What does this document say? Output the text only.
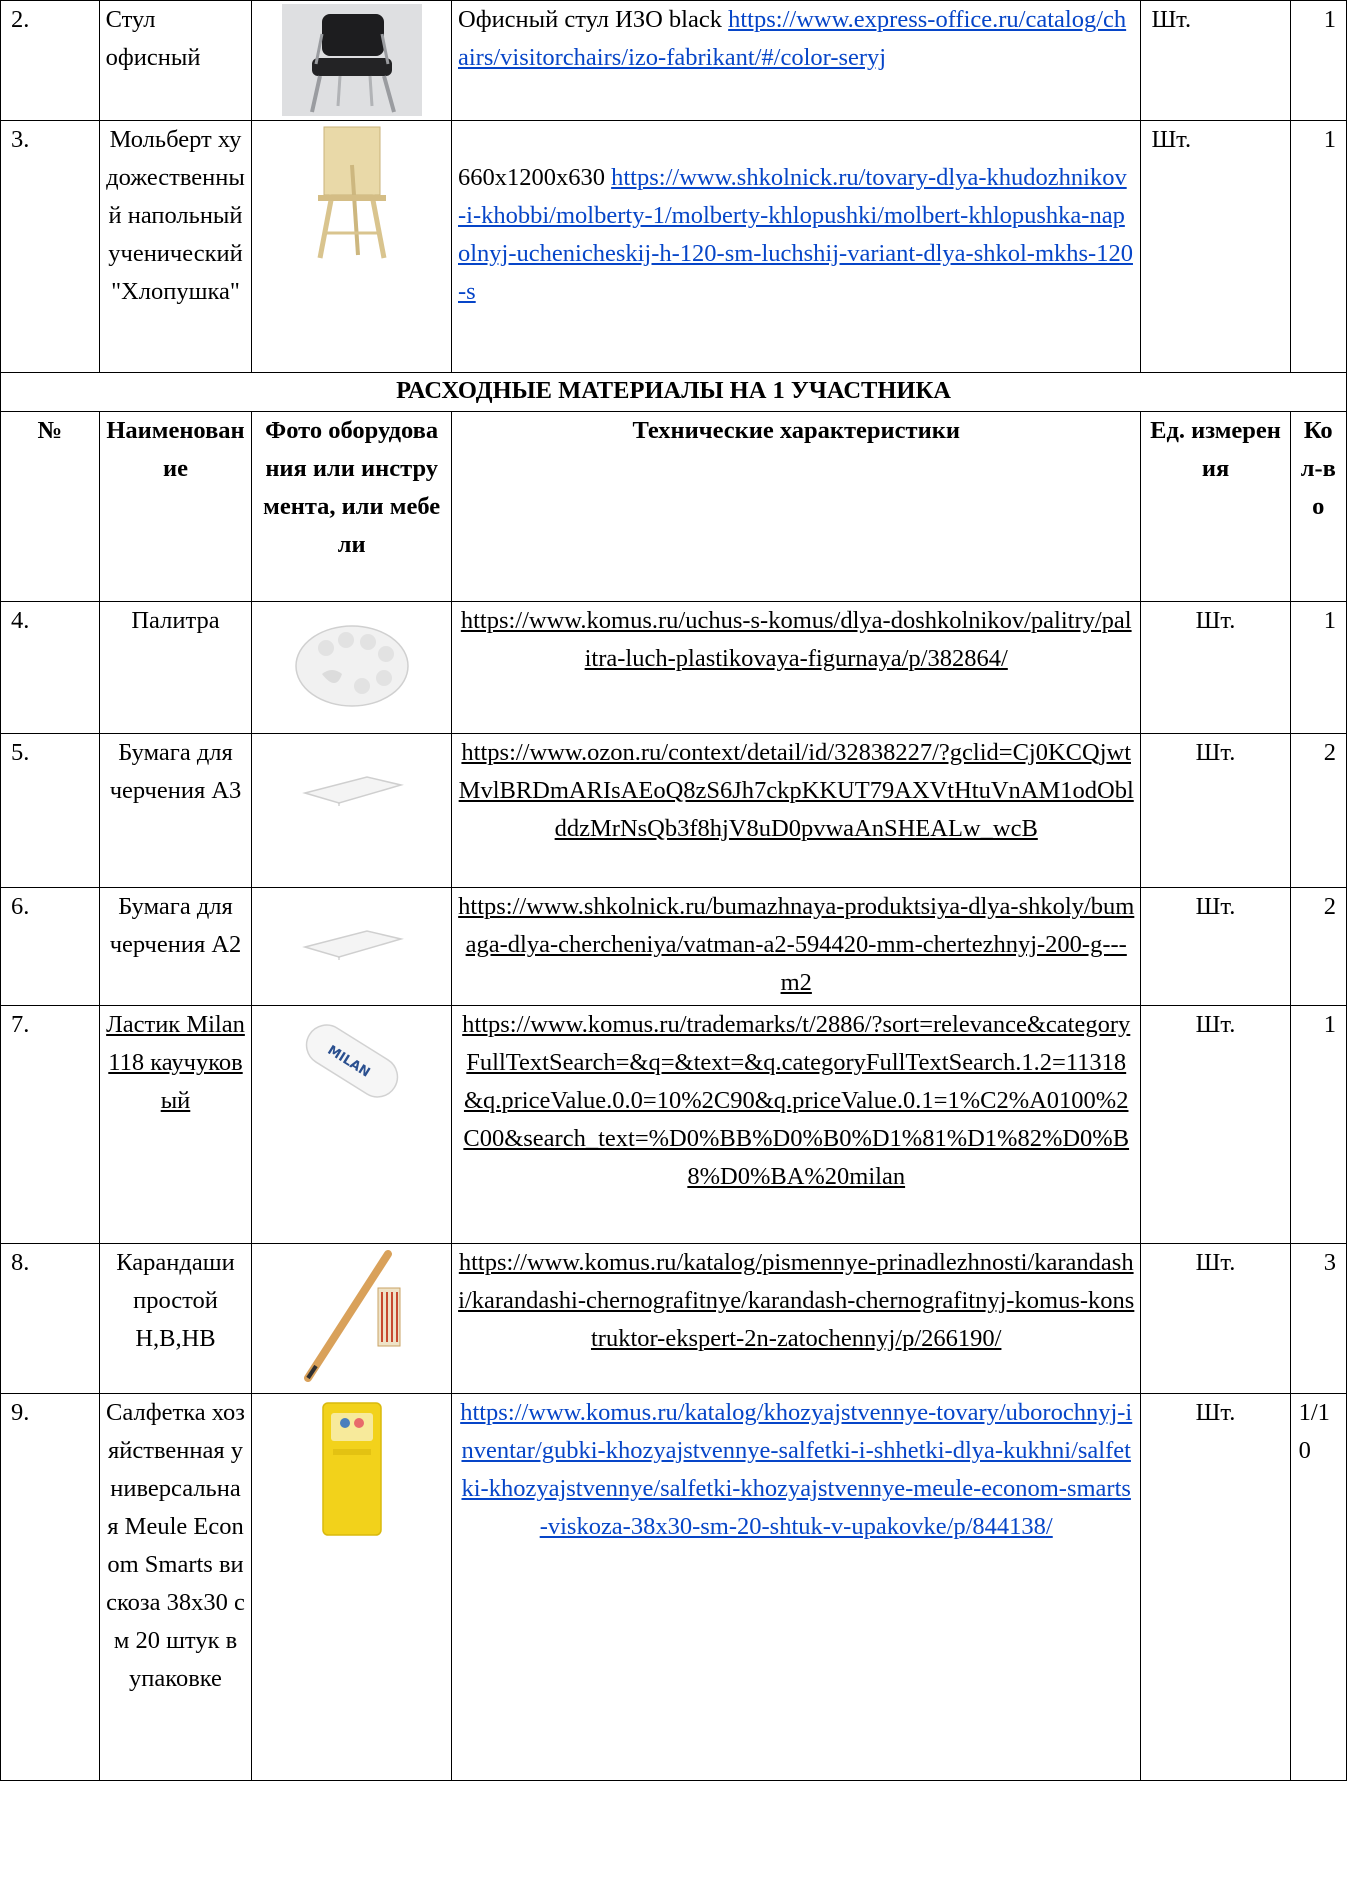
2.	Стул офисный		Офисный стул ИЗО black https://www.express-office.ru/catalog/chairs/visitorchairs/izo-fabrikant/#/color-seryj	Шт.	1
3.	Мольберт художественный напольный ученический "Хлопушка"		660x1200x630 https://www.shkolnick.ru/tovary-dlya-khudozhnikov-i-khobbi/molberty-1/molberty-khlopushki/molbert-khlopushka-napolnyj-uchenicheskij-h-120-sm-luchshij-variant-dlya-shkol-mkhs-120-s	Шт.	1
РАСХОДНЫЕ МАТЕРИАЛЫ НА 1 УЧАСТНИКА					
№	Наименование	Фото оборудования или инструмента, или мебели	Технические характеристики	Ед. измерения	Кол-во
4.	Палитра		https://www.komus.ru/uchus-s-komus/dlya-doshkolnikov/palitry/palitra-luch-plastikovaya-figurnaya/p/382864/	Шт.	1
5.	Бумага для черчения А3		https://www.ozon.ru/context/detail/id/32838227/?gclid=Cj0KCQjwtMvlBRDmARIsAEoQ8zS6Jh7ckpKKUT79AXVtHtuVnAM1odOblddzMrNsQb3f8hjV8uD0pvwaAnSHEALw_wcB	Шт.	2
6.	Бумага для черчения А2		https://www.shkolnick.ru/bumazhnaya-produktsiya-dlya-shkoly/bumaga-dlya-chercheniya/vatman-a2-594420-mm-chertezhnyj-200-g---m2	Шт.	2
7.	Ластик Milan 118 каучуковый	MILAN	https://www.komus.ru/trademarks/t/2886/?sort=relevance&categoryFullTextSearch=&q=&text=&q.categoryFullTextSearch.1.2=11318&q.priceValue.0.0=10%2C90&q.priceValue.0.1=1%C2%A0100%2C00&search_text=%D0%BB%D0%B0%D1%81%D1%82%D0%B8%D0%BA%20milan	Шт.	1
8.	Карандаши простой H,B,HB		https://www.komus.ru/katalog/pismennye-prinadlezhnosti/karandashi/karandashi-chernografitnye/karandash-chernografitnyj-komus-konstruktor-ekspert-2n-zatochennyj/p/266190/	Шт.	3
9.	Салфетка хозяйственная универсальная Meule Econom Smarts вискоза 38x30 см 20 штук в упаковке		https://www.komus.ru/katalog/khozyajstvennye-tovary/uborochnyj-inventar/gubki-khozyajstvennye-salfetki-i-shhetki-dlya-kukhni/salfetki-khozyajstvennye/salfetki-khozyajstvennye-meule-econom-smarts-viskoza-38x30-sm-20-shtuk-v-upakovke/p/844138/	Шт.	1/10
